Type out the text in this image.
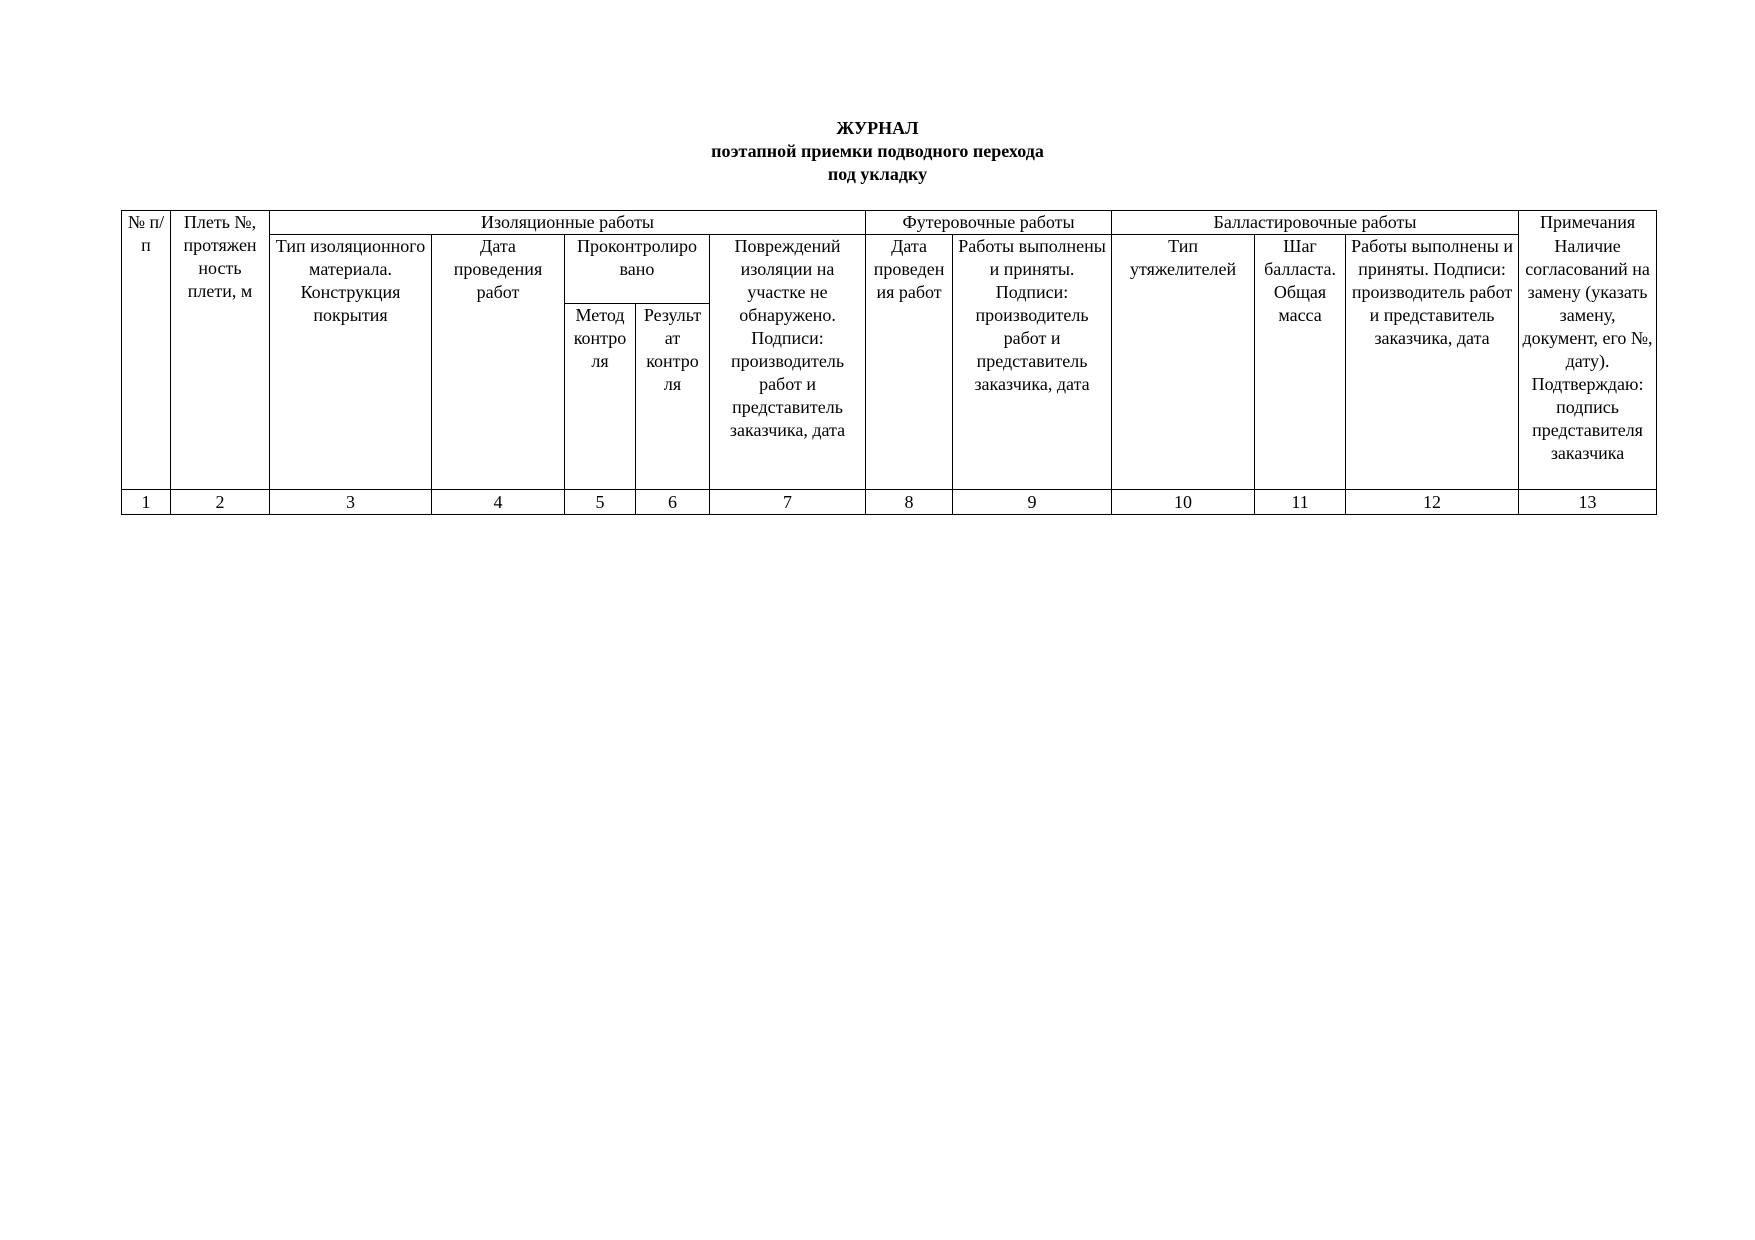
ЖУРНАЛ
поэтапной приемки подводного перехода
под укладку
№ п/п	Плеть №, протяжен ность плети, м	Изоляционные работы					Футеровочные работы		Балластировочные работы			Примечания
		Тип изоляционного материала. Конструкция покрытия	Дата проведения работ	Проконтролиро вано		Повреждений изоляции на участке не обнаружено. Подписи: производитель работ и представитель заказчика, дата	Дата проведен ия работ	Работы выполнены и приняты. Подписи: производитель работ и представитель заказчика, дата	Тип утяжелителей	Шаг балласта. Общая масса	Работы выполнены и приняты. Подписи: производитель работ и представитель заказчика, дата	Наличие согласований на замену (указать замену, документ, его №, дату). Подтверждаю: подпись представителя заказчика
				Метод контро ля	Результ ат контро ля							
1	2	3	4	5	6	7	8	9	10	11	12	13
